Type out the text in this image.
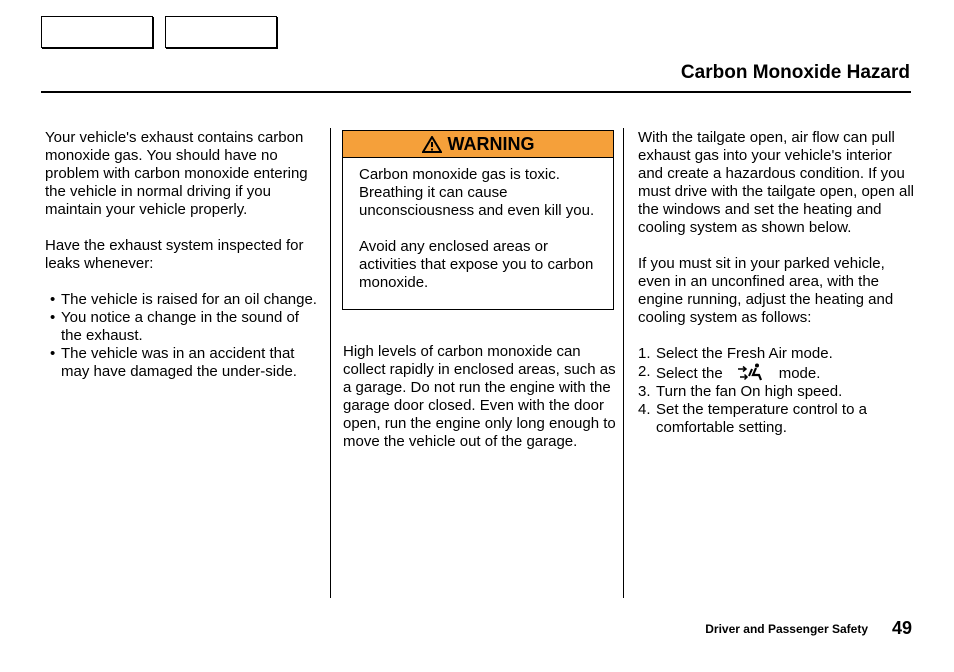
Carbon Monoxide Hazard

Your vehicle's exhaust contains carbon monoxide gas. You should have no problem with carbon monoxide entering the vehicle in normal driving if you maintain your vehicle properly.

Have the exhaust system inspected for leaks whenever:

• The vehicle is raised for an oil change.
• You notice a change in the sound of the exhaust.
• The vehicle was in an accident that may have damaged the under-side.
WARNING

Carbon monoxide gas is toxic. Breathing it can cause unconsciousness and even kill you.

Avoid any enclosed areas or activities that expose you to carbon monoxide.

High levels of carbon monoxide can collect rapidly in enclosed areas, such as a garage. Do not run the engine with the garage door closed. Even with the door open, run the engine only long enough to move the vehicle out of the garage.

With the tailgate open, air flow can pull exhaust gas into your vehicle's interior and create a hazardous condition. If you must drive with the tailgate open, open all the windows and set the heating and cooling system as shown below.

If you must sit in your parked vehicle, even in an unconfined area, with the engine running, adjust the heating and cooling system as follows:

1. Select the Fresh Air mode.
2. Select the	mode.
3. Turn the fan On high speed.
4. Set the temperature control to a comfortable setting.
Driver and Passenger Safety 49
